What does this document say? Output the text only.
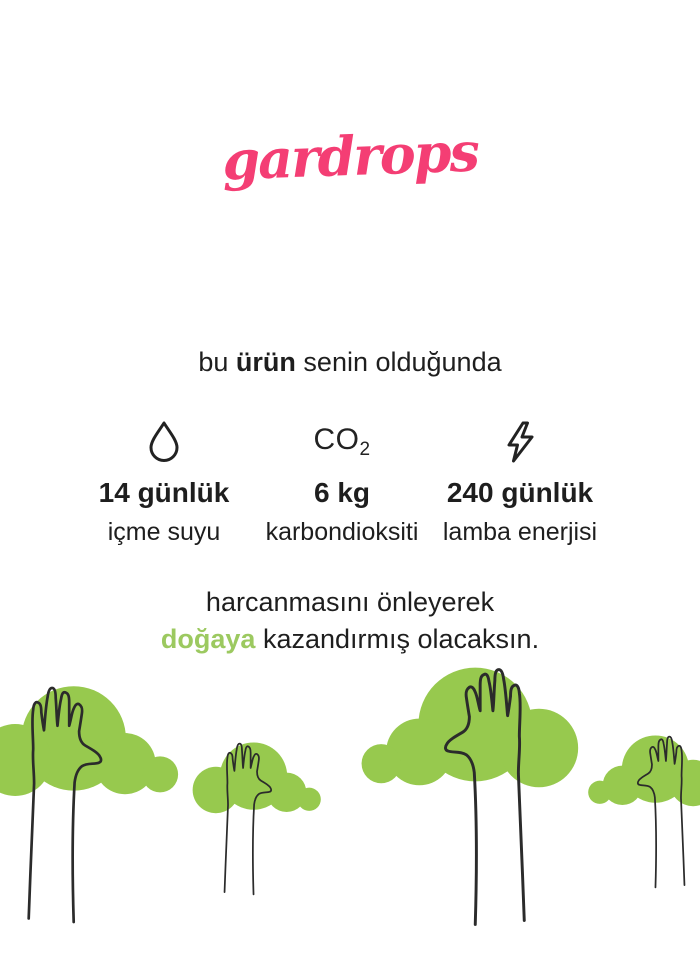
gardrops
bu ürün senin olduğunda
14 günlük
içme suyu
$CO_2$
6 kg
karbondioksiti
240 günlük
lamba enerjisi
harcanmasını önleyerek
doğaya kazandırmış olacaksın.
